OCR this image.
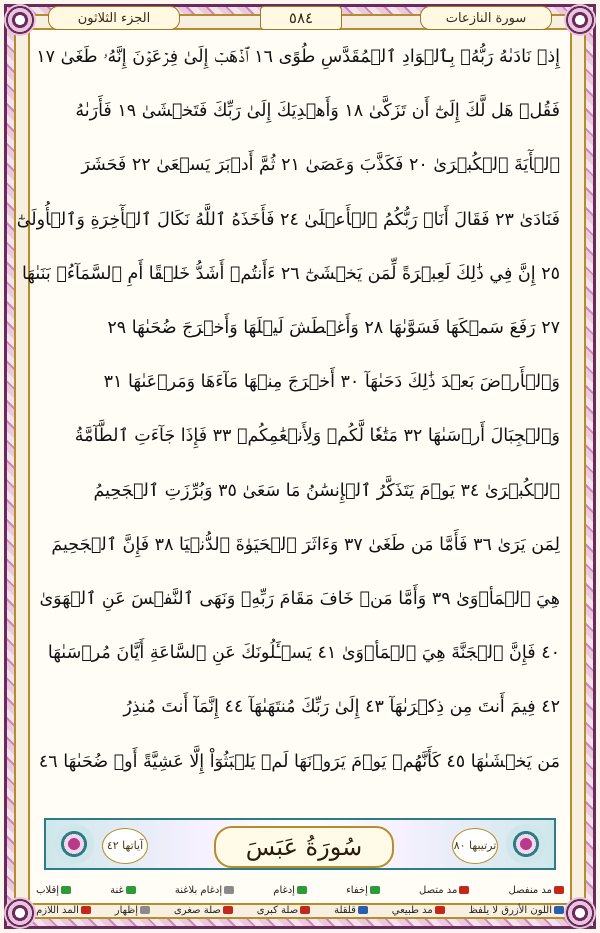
الجزء الثلاثون	٥٨٤	سورة النازعات
إِذۡ نَادَىٰهُ رَبُّهُۥ بِٱلۡوَادِ ٱلۡمُقَدَّسِ طُوًى ١٦ ٱذۡهَبۡ إِلَىٰ فِرۡعَوۡنَ إِنَّهُۥ طَغَىٰ ١٧
فَقُلۡ هَل لَّكَ إِلَىٰٓ أَن تَزَكَّىٰ ١٨ وَأَهۡدِيَكَ إِلَىٰ رَبِّكَ فَتَخۡشَىٰ ١٩ فَأَرَىٰهُ
ٱلۡأٓيَةَ ٱلۡكُبۡرَىٰ ٢٠ فَكَذَّبَ وَعَصَىٰ ٢١ ثُمَّ أَدۡبَرَ يَسۡعَىٰ ٢٢ فَحَشَرَ
فَنَادَىٰ ٢٣ فَقَالَ أَنَا۠ رَبُّكُمُ ٱلۡأَعۡلَىٰ ٢٤ فَأَخَذَهُ ٱللَّهُ نَكَالَ ٱلۡأٓخِرَةِ وَٱلۡأُولَىٰٓ
٢٥ إِنَّ فِي ذَٰلِكَ لَعِبۡرَةً لِّمَن يَخۡشَىٰٓ ٢٦ ءَأَنتُمۡ أَشَدُّ خَلۡقًا أَمِ ٱلسَّمَآءُۚ بَنَىٰهَا
٢٧ رَفَعَ سَمۡكَهَا فَسَوَّىٰهَا ٢٨ وَأَغۡطَشَ لَيۡلَهَا وَأَخۡرَجَ ضُحَىٰهَا ٢٩
وَٱلۡأَرۡضَ بَعۡدَ ذَٰلِكَ دَحَىٰهَآ ٣٠ أَخۡرَجَ مِنۡهَا مَآءَهَا وَمَرۡعَىٰهَا ٣١
وَٱلۡجِبَالَ أَرۡسَىٰهَا ٣٢ مَتَٰعٗا لَّكُمۡ وَلِأَنۡعَٰمِكُمۡ ٣٣ فَإِذَا جَآءَتِ ٱلطَّآمَّةُ
ٱلۡكُبۡرَىٰ ٣٤ يَوۡمَ يَتَذَكَّرُ ٱلۡإِنسَٰنُ مَا سَعَىٰ ٣٥ وَبُرِّزَتِ ٱلۡجَحِيمُ
لِمَن يَرَىٰ ٣٦ فَأَمَّا مَن طَغَىٰ ٣٧ وَءَاثَرَ ٱلۡحَيَوٰةَ ٱلدُّنۡيَا ٣٨ فَإِنَّ ٱلۡجَحِيمَ
هِيَ ٱلۡمَأۡوَىٰ ٣٩ وَأَمَّا مَنۡ خَافَ مَقَامَ رَبِّهِۦ وَنَهَى ٱلنَّفۡسَ عَنِ ٱلۡهَوَىٰ
٤٠ فَإِنَّ ٱلۡجَنَّةَ هِيَ ٱلۡمَأۡوَىٰ ٤١ يَسۡـَٔلُونَكَ عَنِ ٱلسَّاعَةِ أَيَّانَ مُرۡسَىٰهَا
٤٢ فِيمَ أَنتَ مِن ذِكۡرَىٰهَآ ٤٣ إِلَىٰ رَبِّكَ مُنتَهَىٰهَآ ٤٤ إِنَّمَآ أَنتَ مُنذِرُ
مَن يَخۡشَىٰهَا ٤٥ كَأَنَّهُمۡ يَوۡمَ يَرَوۡنَهَا لَمۡ يَلۡبَثُوٓاْ إِلَّا عَشِيَّةً أَوۡ ضُحَىٰهَا ٤٦
آياتها ٤٢	سُورَةُ عَبَسَ	ترتيبها ٨٠
مد منفصل
مد متصل
إخفاء
إدغام
إدغام بلاغنة
غنة
إقلاب
اللون الأزرق لا يلفظ
مد طبيعي
قلقلة
صلة كبرى
صلة صغرى
إظهار
المد اللازم
